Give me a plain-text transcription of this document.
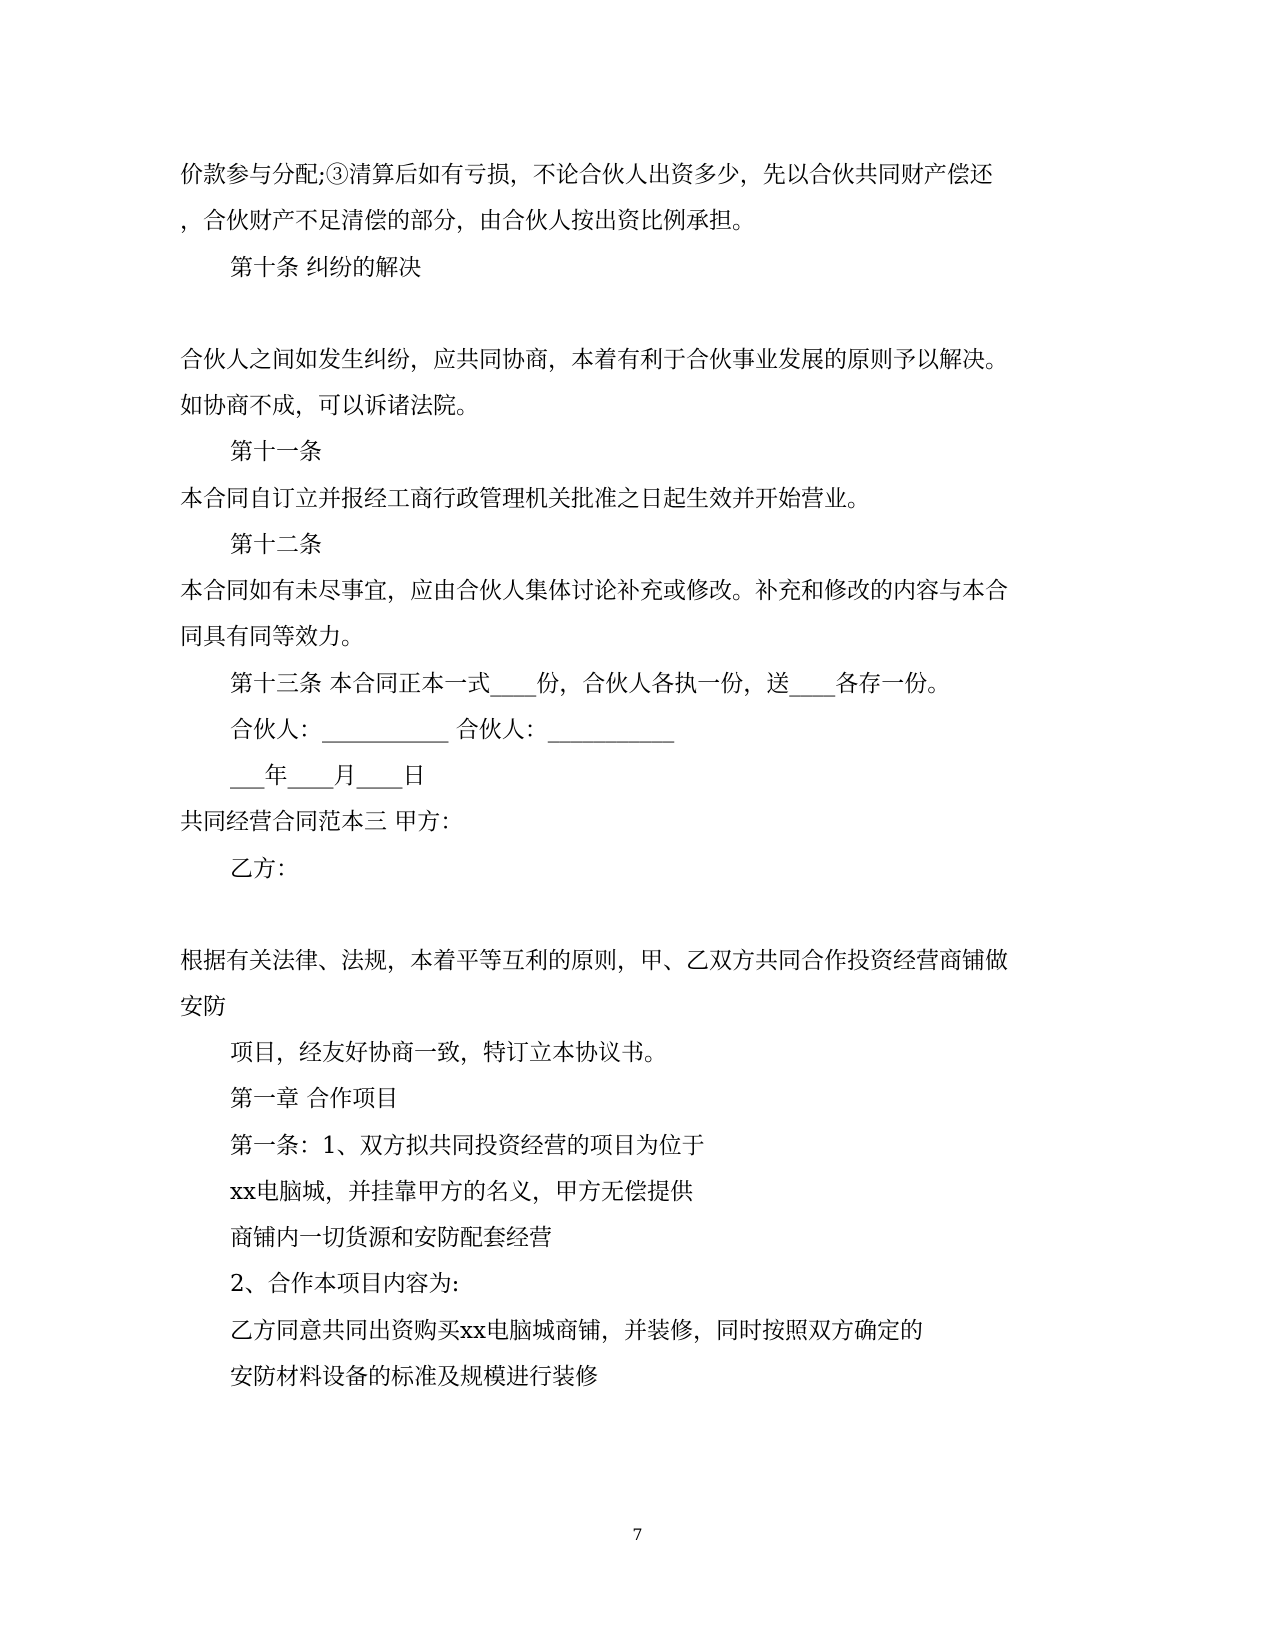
价款参与分配;③清算后如有亏损，不论合伙人出资多少，先以合伙共同财产偿还
，合伙财产不足清偿的部分，由合伙人按出资比例承担。
第十条 纠纷的解决
合伙人之间如发生纠纷，应共同协商，本着有利于合伙事业发展的原则予以解决。
如协商不成，可以诉诸法院。
第十一条
本合同自订立并报经工商行政管理机关批准之日起生效并开始营业。
第十二条
本合同如有未尽事宜，应由合伙人集体讨论补充或修改。补充和修改的内容与本合
同具有同等效力。
第十三条 本合同正本一式____份，合伙人各执一份，送____各存一份。
合伙人：___________ 合伙人：___________
___年____月____日
共同经营合同范本三 甲方：
乙方：
根据有关法律、法规，本着平等互利的原则，甲、乙双方共同合作投资经营商铺做
安防
项目，经友好协商一致，特订立本协议书。
第一章 合作项目
第一条：1、双方拟共同投资经营的项目为位于
xx电脑城，并挂靠甲方的名义，甲方无偿提供
商铺内一切货源和安防配套经营
2、合作本项目内容为:
乙方同意共同出资购买xx电脑城商铺，并装修，同时按照双方确定的
安防材料设备的标准及规模进行装修
7
